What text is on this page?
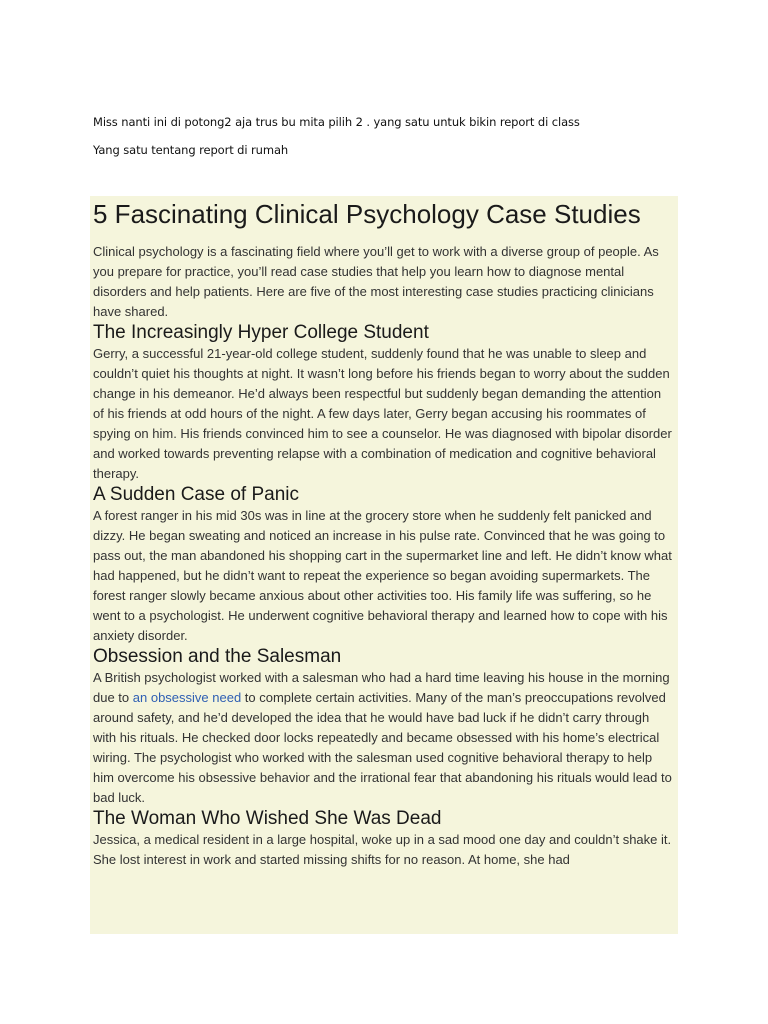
Miss nanti ini di potong2 aja trus bu mita pilih 2 . yang satu untuk bikin report di class
Yang satu tentang report di rumah
5 Fascinating Clinical Psychology Case Studies

Clinical psychology is a fascinating field where you’ll get to work with a diverse group of people. As you prepare for practice, you’ll read case studies that help you learn how to diagnose mental disorders and help patients. Here are five of the most interesting case studies practicing clinicians have shared.

The Increasingly Hyper College Student

Gerry, a successful 21-year-old college student, suddenly found that he was unable to sleep and couldn’t quiet his thoughts at night. It wasn’t long before his friends began to worry about the sudden change in his demeanor. He’d always been respectful but suddenly began demanding the attention of his friends at odd hours of the night. A few days later, Gerry began accusing his roommates of spying on him. His friends convinced him to see a counselor. He was diagnosed with bipolar disorder and worked towards preventing relapse with a combination of medication and cognitive behavioral therapy.

A Sudden Case of Panic

A forest ranger in his mid 30s was in line at the grocery store when he suddenly felt panicked and dizzy. He began sweating and noticed an increase in his pulse rate. Convinced that he was going to pass out, the man abandoned his shopping cart in the supermarket line and left. He didn’t know what had happened, but he didn’t want to repeat the experience so began avoiding supermarkets. The forest ranger slowly became anxious about other activities too. His family life was suffering, so he went to a psychologist. He underwent cognitive behavioral therapy and learned how to cope with his anxiety disorder.

Obsession and the Salesman

A British psychologist worked with a salesman who had a hard time leaving his house in the morning due to an obsessive need to complete certain activities. Many of the man’s preoccupations revolved around safety, and he’d developed the idea that he would have bad luck if he didn’t carry through with his rituals. He checked door locks repeatedly and became obsessed with his home’s electrical wiring. The psychologist who worked with the salesman used cognitive behavioral therapy to help him overcome his obsessive behavior and the irrational fear that abandoning his rituals would lead to bad luck.

The Woman Who Wished She Was Dead

Jessica, a medical resident in a large hospital, woke up in a sad mood one day and couldn’t shake it. She lost interest in work and started missing shifts for no reason. At home, she had
